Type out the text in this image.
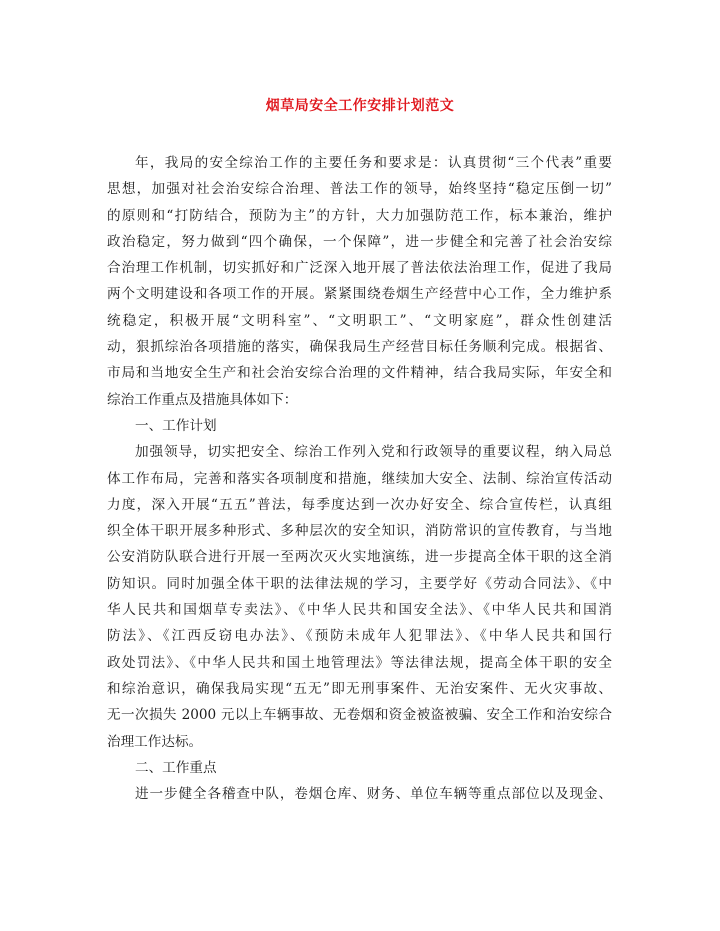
烟草局安全工作安排计划范文
年，我局的安全综治工作的主要任务和要求是：认真贯彻“三个代表”重要
思想，加强对社会治安综合治理、普法工作的领导，始终坚持“稳定压倒一切”
的原则和“打防结合，预防为主”的方针，大力加强防范工作，标本兼治，维护
政治稳定，努力做到“四个确保，一个保障”，进一步健全和完善了社会治安综
合治理工作机制，切实抓好和广泛深入地开展了普法依法治理工作，促进了我局
两个文明建设和各项工作的开展。紧紧围绕卷烟生产经营中心工作，全力维护系
统稳定，积极开展“文明科室”、“文明职工”、“文明家庭”，群众性创建活
动，狠抓综治各项措施的落实，确保我局生产经营目标任务顺利完成。根据省、
市局和当地安全生产和社会治安综合治理的文件精神，结合我局实际，年安全和
综治工作重点及措施具体如下：
一、工作计划
加强领导，切实把安全、综治工作列入党和行政领导的重要议程，纳入局总
体工作布局，完善和落实各项制度和措施，继续加大安全、法制、综治宣传活动
力度，深入开展“五五”普法，每季度达到一次办好安全、综合宣传栏，认真组
织全体干职开展多种形式、多种层次的安全知识，消防常识的宣传教育，与当地
公安消防队联合进行开展一至两次灭火实地演练，进一步提高全体干职的这全消
防知识。同时加强全体干职的法律法规的学习，主要学好《劳动合同法》、《中
华人民共和国烟草专卖法》、《中华人民共和国安全法》、《中华人民共和国消
防法》、《江西反窃电办法》、《预防未成年人犯罪法》、《中华人民共和国行
政处罚法》、《中华人民共和国土地管理法》等法律法规，提高全体干职的安全
和综治意识，确保我局实现“五无”即无刑事案件、无治安案件、无火灾事故、
无一次损失 2000 元以上车辆事故、无卷烟和资金被盗被骗、安全工作和治安综合
治理工作达标。
二、工作重点
进一步健全各稽查中队，卷烟仓库、财务、单位车辆等重点部位以及现金、
